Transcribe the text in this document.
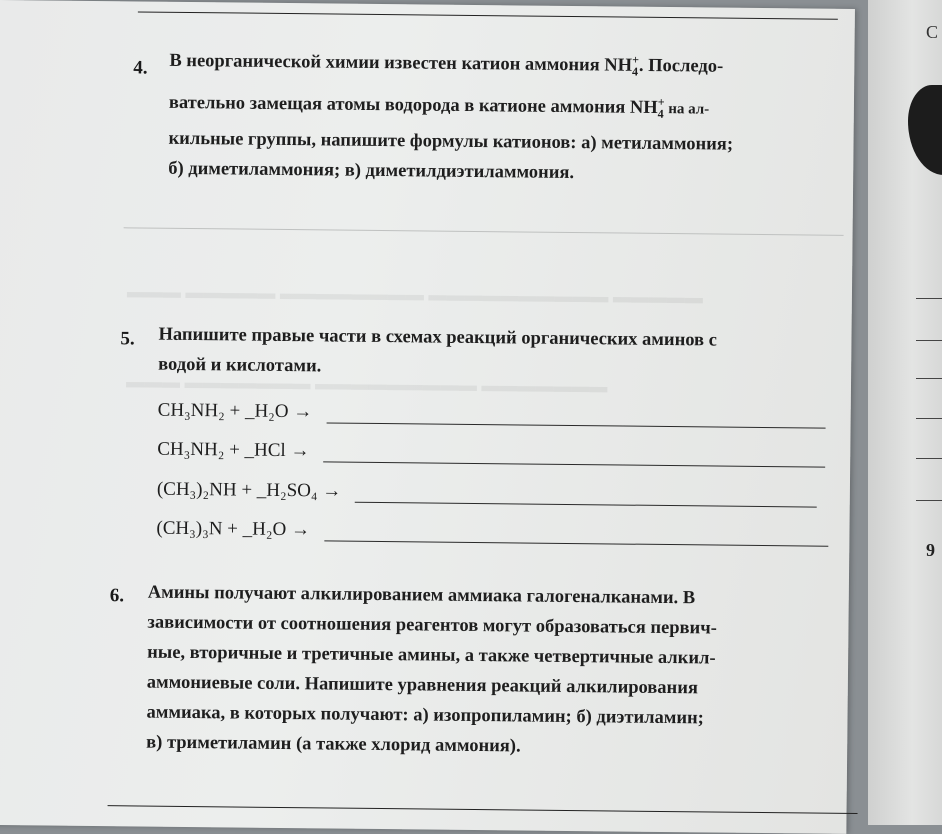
С
9
▬▬▬ ▬▬▬▬▬ ▬▬▬▬▬▬▬▬ ▬▬▬▬▬▬▬▬▬▬ ▬▬▬▬▬
▬▬▬ ▬▬▬▬▬▬▬ ▬▬▬▬▬▬▬▬▬ ▬▬▬▬▬▬▬
4. В неорганической химии известен катион аммония $NH_4^+$. Последо-

вательно замещая атомы водорода в катионе аммония $NH_4^+$ на ал-

кильные группы, напишите формулы катионов: а) метиламмония;

б) диметиламмония; в) диметилдиэтиламмония.

5. Напишите правые части в схемах реакций органических аминов с

водой и кислотами.

CH₃NH₂ + _H₂O →
CH₃NH₂ + _HCl →
(CH₃)₂NH + _H₂SO₄ →
(CH₃)₃N + _H₂O →
6. Амины получают алкилированием аммиака галогеналканами. В

зависимости от соотношения реагентов могут образоваться первич-

ные, вторичные и третичные амины, а также четвертичные алкил-

аммониевые соли. Напишите уравнения реакций алкилирования

аммиака, в которых получают: а) изопропиламин; б) диэтиламин;

в) триметиламин (а также хлорид аммония).
